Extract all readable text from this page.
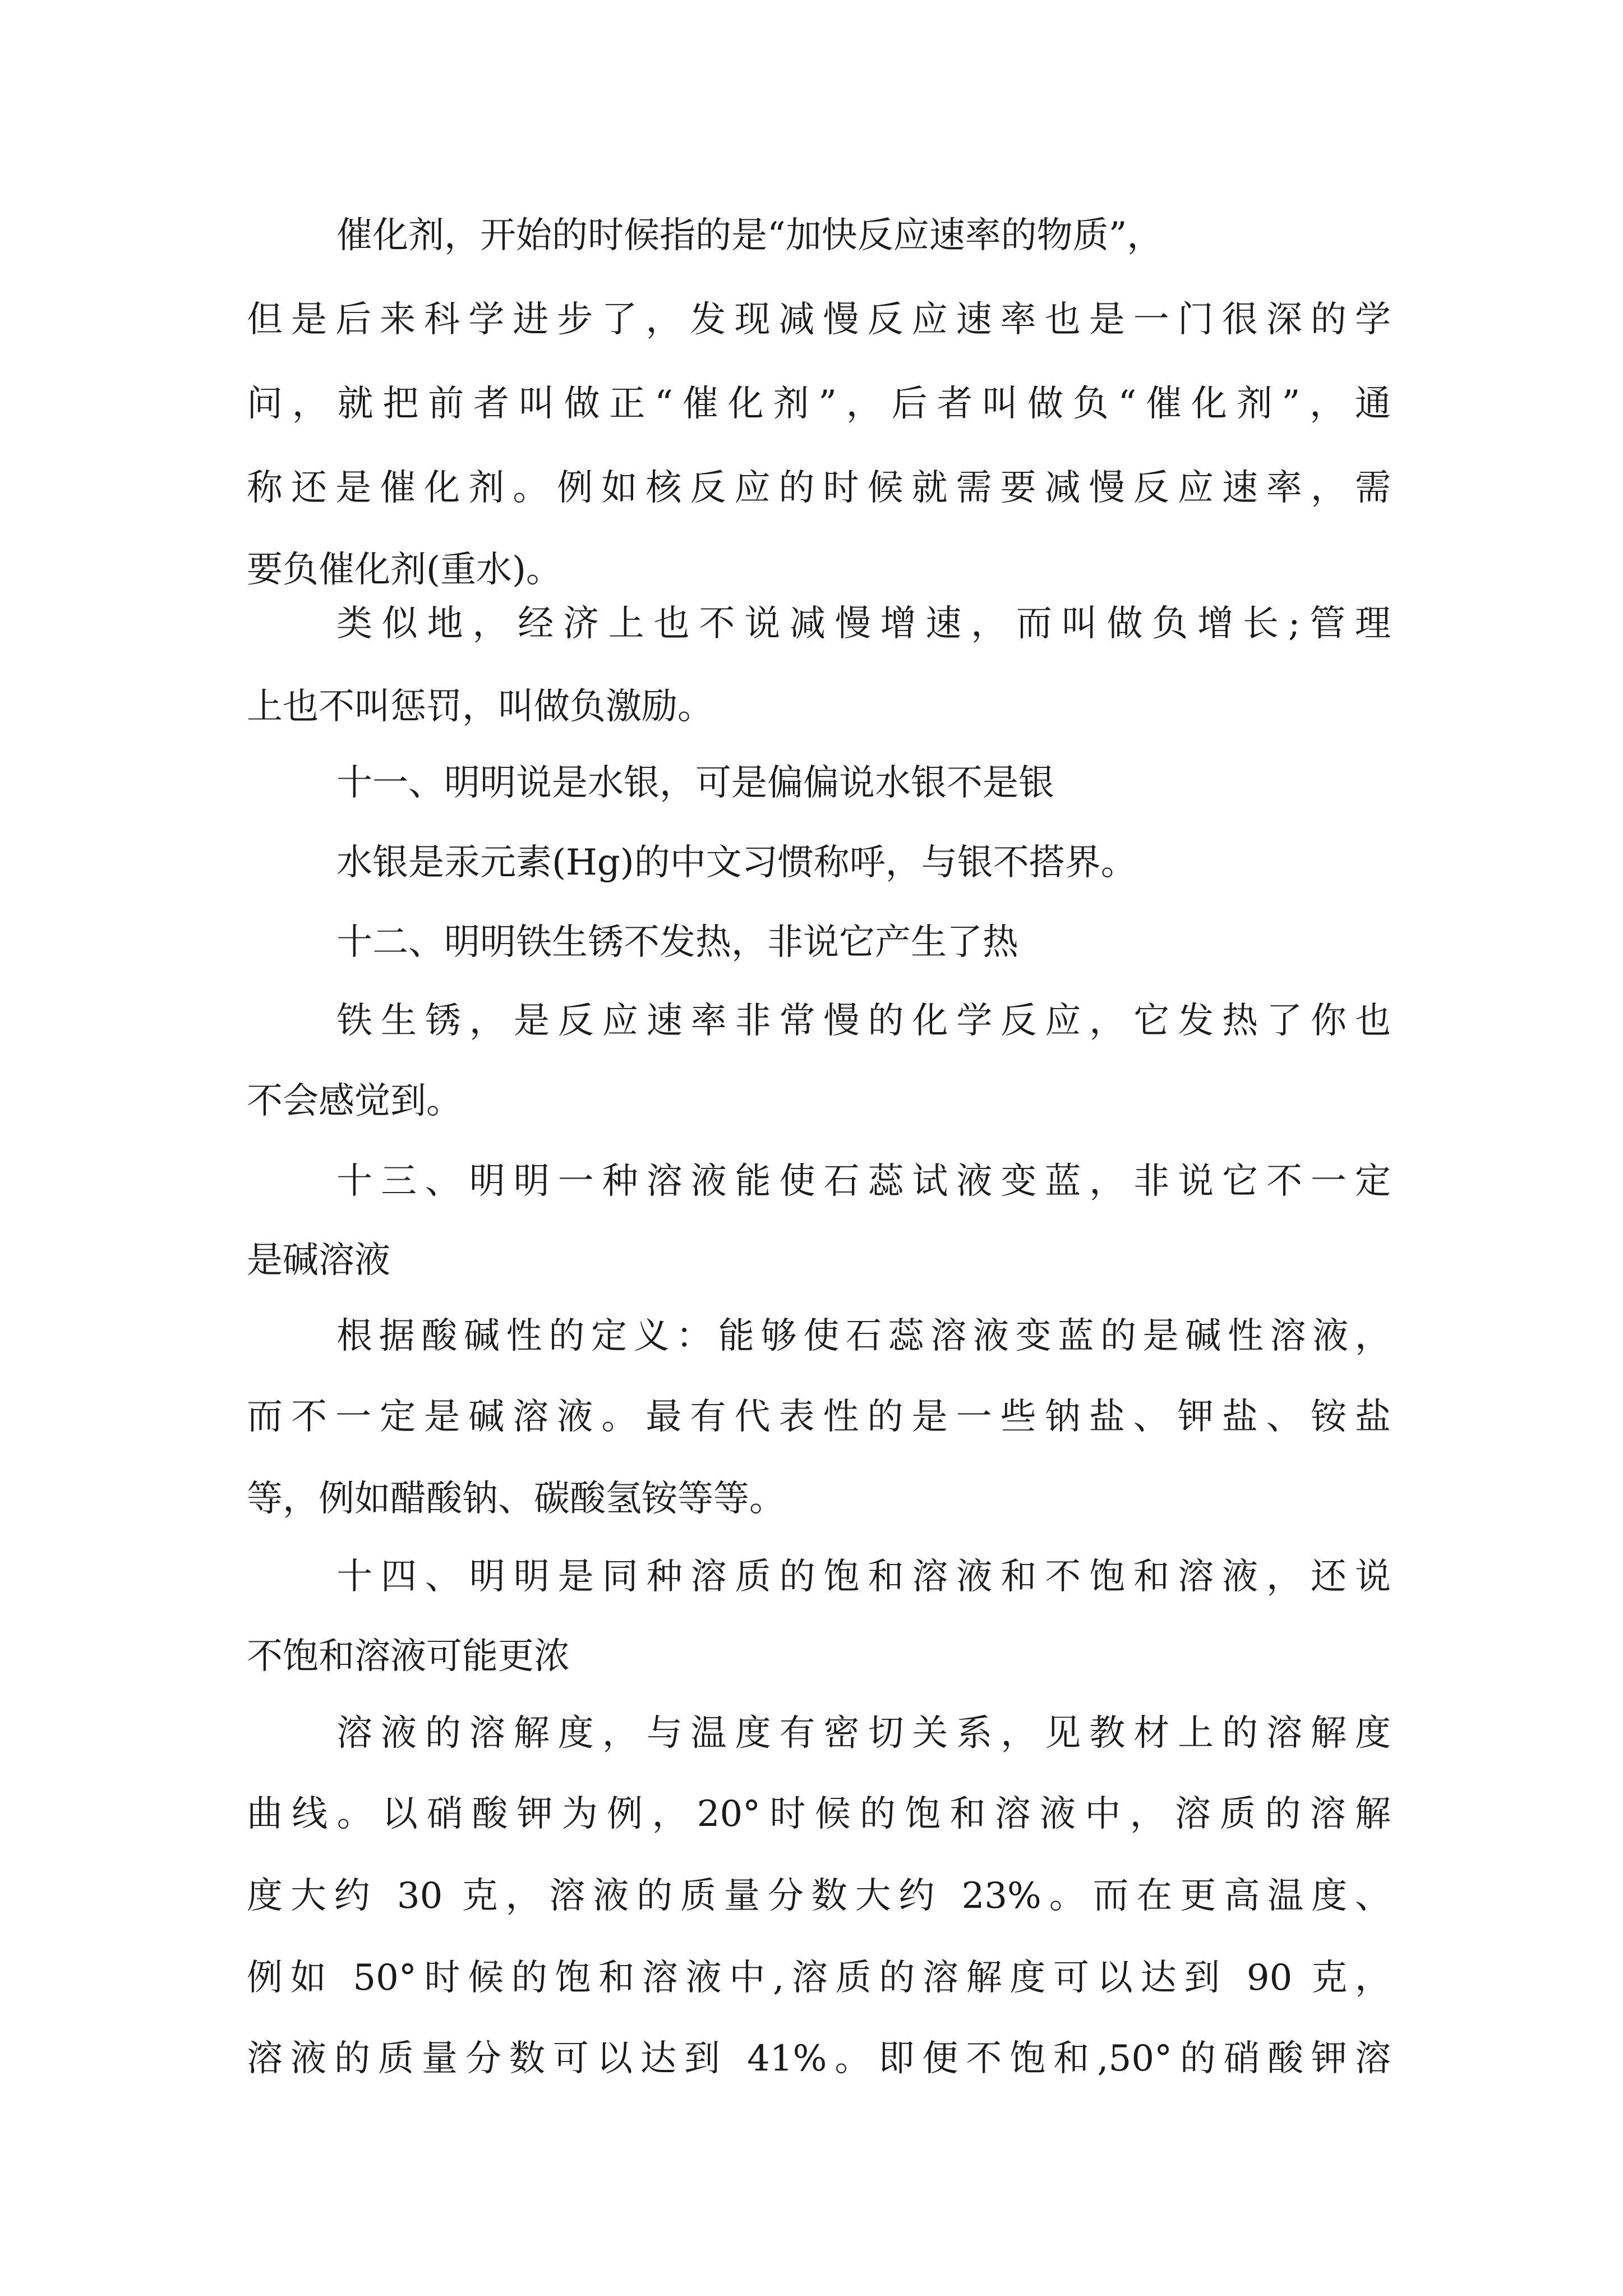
催化剂，开始的时候指的是“加快反应速率的物质”，

但是后来科学进步了，发现减慢反应速率也是一门很深的学

问，就把前者叫做正“催化剂”，后者叫做负“催化剂”，通

称还是催化剂。例如核反应的时候就需要减慢反应速率，需

要负催化剂(重水)。

类似地，经济上也不说减慢增速，而叫做负增长;管理

上也不叫惩罚，叫做负激励。

十一、明明说是水银，可是偏偏说水银不是银

水银是汞元素(Hg)的中文习惯称呼，与银不搭界。

十二、明明铁生锈不发热，非说它产生了热

铁生锈，是反应速率非常慢的化学反应，它发热了你也

不会感觉到。

十三、明明一种溶液能使石蕊试液变蓝，非说它不一定

是碱溶液

根据酸碱性的定义：能够使石蕊溶液变蓝的是碱性溶液，

而不一定是碱溶液。最有代表性的是一些钠盐、钾盐、铵盐

等，例如醋酸钠、碳酸氢铵等等。

十四、明明是同种溶质的饱和溶液和不饱和溶液，还说

不饱和溶液可能更浓

溶液的溶解度，与温度有密切关系，见教材上的溶解度

曲线。以硝酸钾为例，20°时候的饱和溶液中，溶质的溶解

度大约 30 克，溶液的质量分数大约 23%。而在更高温度、

例如 50°时候的饱和溶液中,溶质的溶解度可以达到 90 克，

溶液的质量分数可以达到 41%。即便不饱和,50°的硝酸钾溶
